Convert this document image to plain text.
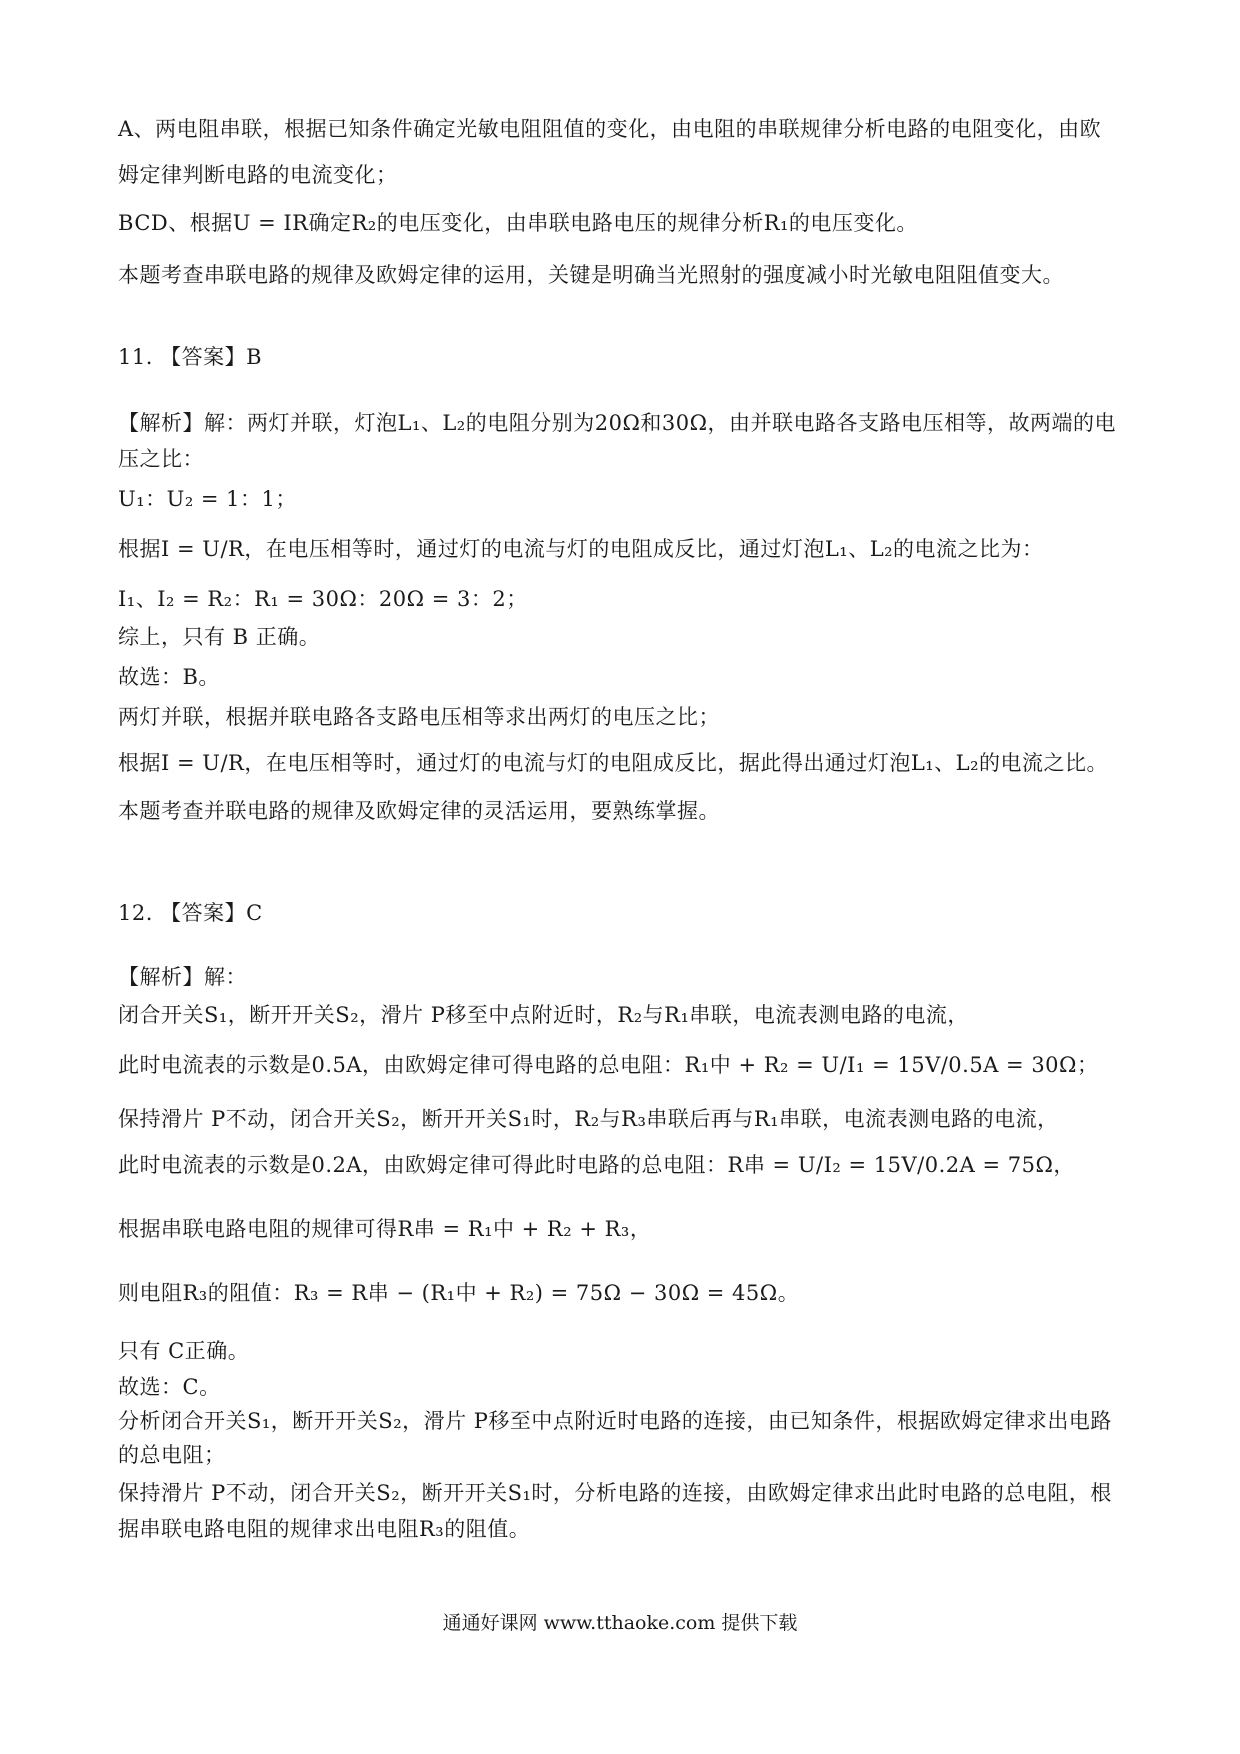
A、两电阻串联，根据已知条件确定光敏电阻阻值的变化，由电阻的串联规律分析电路的电阻变化，由欧
姆定律判断电路的电流变化；
BCD、根据U = IR确定R₂的电压变化，由串联电路电压的规律分析R₁的电压变化。
本题考查串联电路的规律及欧姆定律的运用，关键是明确当光照射的强度减小时光敏电阻阻值变大。
11. 【答案】B
【解析】解：两灯并联，灯泡L₁、L₂的电阻分别为20Ω和30Ω，由并联电路各支路电压相等，故两端的电
压之比：
U₁：U₂ = 1：1；
根据I = U/R，在电压相等时，通过灯的电流与灯的电阻成反比，通过灯泡L₁、L₂的电流之比为：
I₁、I₂ = R₂：R₁ = 30Ω：20Ω = 3：2；
综上，只有 B 正确。
故选：B。
两灯并联，根据并联电路各支路电压相等求出两灯的电压之比；
根据I = U/R，在电压相等时，通过灯的电流与灯的电阻成反比，据此得出通过灯泡L₁、L₂的电流之比。
本题考查并联电路的规律及欧姆定律的灵活运用，要熟练掌握。
12. 【答案】C
【解析】解：
闭合开关S₁，断开开关S₂，滑片 P移至中点附近时，R₂与R₁串联，电流表测电路的电流，
此时电流表的示数是0.5A，由欧姆定律可得电路的总电阻：R₁中 + R₂ = U/I₁ = 15V/0.5A = 30Ω；
保持滑片 P不动，闭合开关S₂，断开开关S₁时，R₂与R₃串联后再与R₁串联，电流表测电路的电流，
此时电流表的示数是0.2A，由欧姆定律可得此时电路的总电阻：R串 = U/I₂ = 15V/0.2A = 75Ω，
根据串联电路电阻的规律可得R串 = R₁中 + R₂ + R₃，
则电阻R₃的阻值：R₃ = R串 − (R₁中 + R₂) = 75Ω − 30Ω = 45Ω。
只有 C正确。
故选：C。
分析闭合开关S₁，断开开关S₂，滑片 P移至中点附近时电路的连接，由已知条件，根据欧姆定律求出电路
的总电阻；
保持滑片 P不动，闭合开关S₂，断开开关S₁时，分析电路的连接，由欧姆定律求出此时电路的总电阻，根
据串联电路电阻的规律求出电阻R₃的阻值。
通通好课网 www.tthaoke.com 提供下载
